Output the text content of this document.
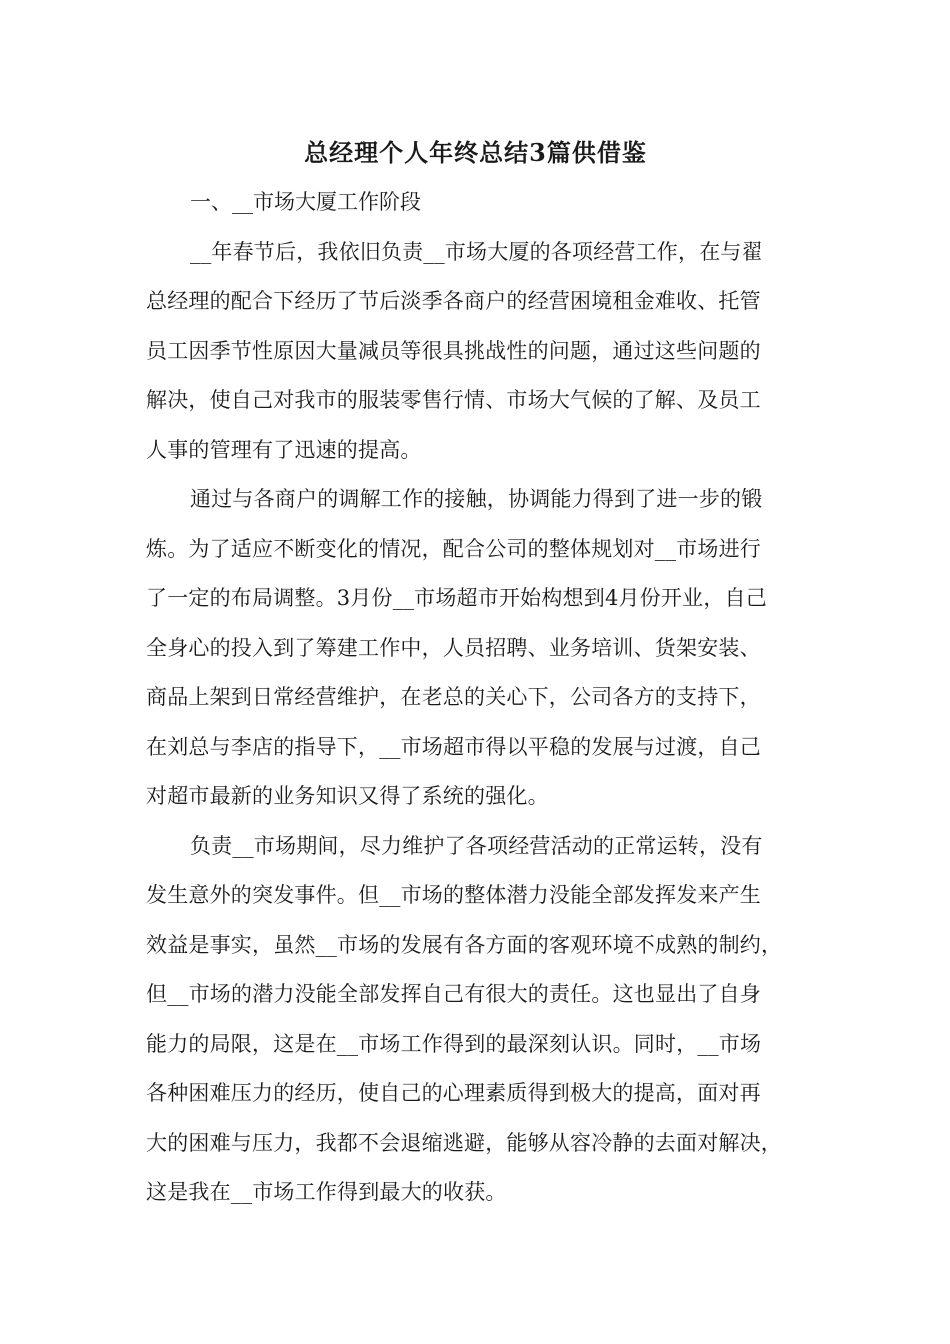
总经理个人年终总结3篇供借鉴
一、__市场大厦工作阶段
__年春节后，我依旧负责__市场大厦的各项经营工作，在与翟
总经理的配合下经历了节后淡季各商户的经营困境租金难收、托管
员工因季节性原因大量减员等很具挑战性的问题，通过这些问题的
解决，使自己对我市的服装零售行情、市场大气候的了解、及员工
人事的管理有了迅速的提高。
通过与各商户的调解工作的接触，协调能力得到了进一步的锻
炼。为了适应不断变化的情况，配合公司的整体规划对__市场进行
了一定的布局调整。3月份__市场超市开始构想到4月份开业，自己
全身心的投入到了筹建工作中，人员招聘、业务培训、货架安装、
商品上架到日常经营维护，在老总的关心下，公司各方的支持下，
在刘总与李店的指导下，__市场超市得以平稳的发展与过渡，自己
对超市最新的业务知识又得了系统的强化。
负责__市场期间，尽力维护了各项经营活动的正常运转，没有
发生意外的突发事件。但__市场的整体潜力没能全部发挥发来产生
效益是事实，虽然__市场的发展有各方面的客观环境不成熟的制约，
但__市场的潜力没能全部发挥自己有很大的责任。这也显出了自身
能力的局限，这是在__市场工作得到的最深刻认识。同时，__市场
各种困难压力的经历，使自己的心理素质得到极大的提高，面对再
大的困难与压力，我都不会退缩逃避，能够从容冷静的去面对解决，
这是我在__市场工作得到最大的收获。
